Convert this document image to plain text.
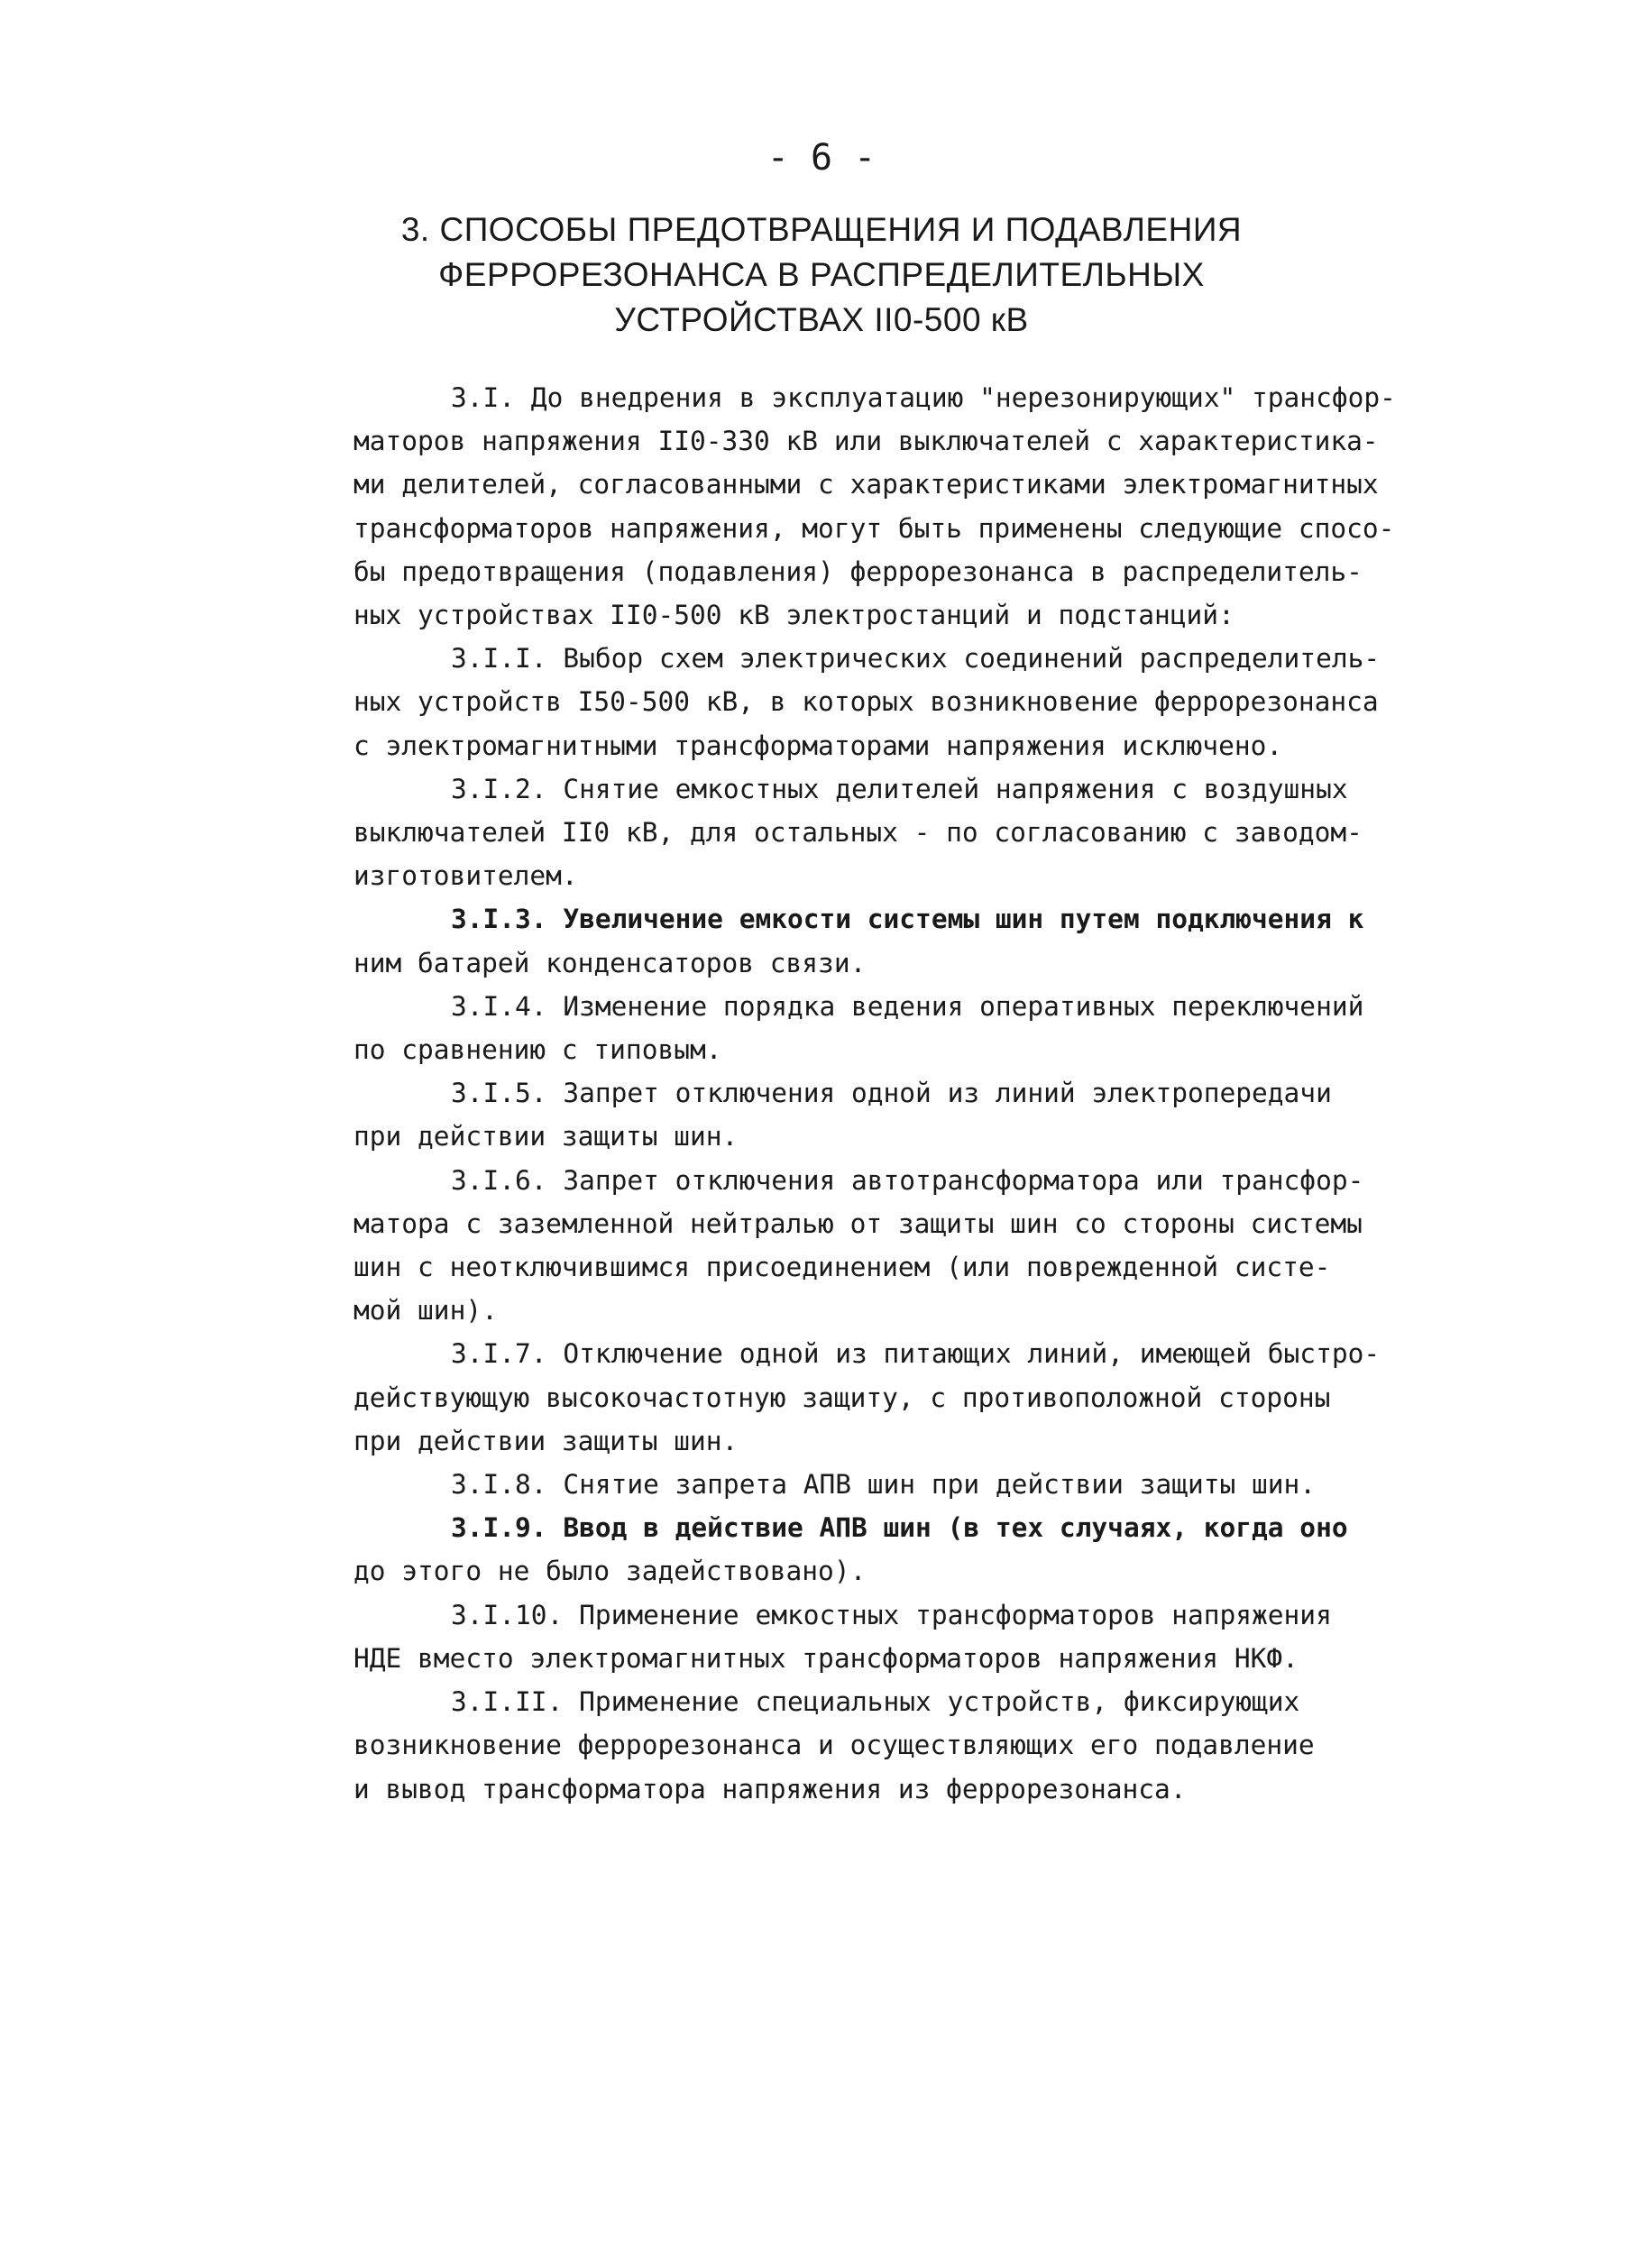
- 6 -
3. СПОСОБЫ ПРЕДОТВРАЩЕНИЯ И ПОДАВЛЕНИЯ
ФЕРРОРЕЗОНАНСА В РАСПРЕДЕЛИТЕЛЬНЫХ
УСТРОЙСТВАХ II0-500 кВ
3.I. До внедрения в эксплуатацию "нерезонирующих" трансфор-
маторов напряжения II0-330 кВ или выключателей с характеристика-
ми делителей, согласованными с характеристиками электромагнитных
трансформаторов напряжения, могут быть применены следующие спосо-
бы предотвращения (подавления) феррорезонанса в распределитель-
ных устройствах II0-500 кВ электростанций и подстанций:
3.I.I. Выбор схем электрических соединений распределитель-
ных устройств I50-500 кВ, в которых возникновение феррорезонанса
с электромагнитными трансформаторами напряжения исключено.
3.I.2. Снятие емкостных делителей напряжения с воздушных
выключателей II0 кВ, для остальных - по согласованию с заводом-
изготовителем.
3.I.3. Увеличение емкости системы шин путем подключения к
ним батарей конденсаторов связи.
3.I.4. Изменение порядка ведения оперативных переключений
по сравнению с типовым.
3.I.5. Запрет отключения одной из линий электропередачи
при действии защиты шин.
3.I.6. Запрет отключения автотрансформатора или трансфор-
матора с заземленной нейтралью от защиты шин со стороны системы
шин с неотключившимся присоединением (или поврежденной систе-
мой шин).
3.I.7. Отключение одной из питающих линий, имеющей быстро-
действующую высокочастотную защиту, с противоположной стороны
при действии защиты шин.
3.I.8. Снятие запрета АПВ шин при действии защиты шин.
3.I.9. Ввод в действие АПВ шин (в тех случаях, когда оно
до этого не было задействовано).
3.I.10. Применение емкостных трансформаторов напряжения
НДЕ вместо электромагнитных трансформаторов напряжения НКФ.
3.I.II. Применение специальных устройств, фиксирующих
возникновение феррорезонанса и осуществляющих его подавление
и вывод трансформатора напряжения из феррорезонанса.
